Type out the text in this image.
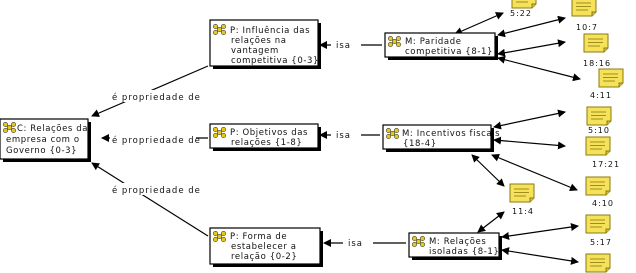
é propriedade de
é propriedade de
é propriedade de
isa
isa
isa
C: Relações da
empresa com o
Governo {0-3}
P: Influência das
relações na
vantagem
competitiva {0-3}
P: Objetivos das
relações {1-8}
P: Forma de
estabelecer a
relação {0-2}
M: Paridade
competitiva {8-1}
M: Incentivos fiscais
{18-4}
M: Relações
isoladas {8-1}
5:22
10:7
18:16
4:11
5:10
17:21
4:10
11:4
5:17
